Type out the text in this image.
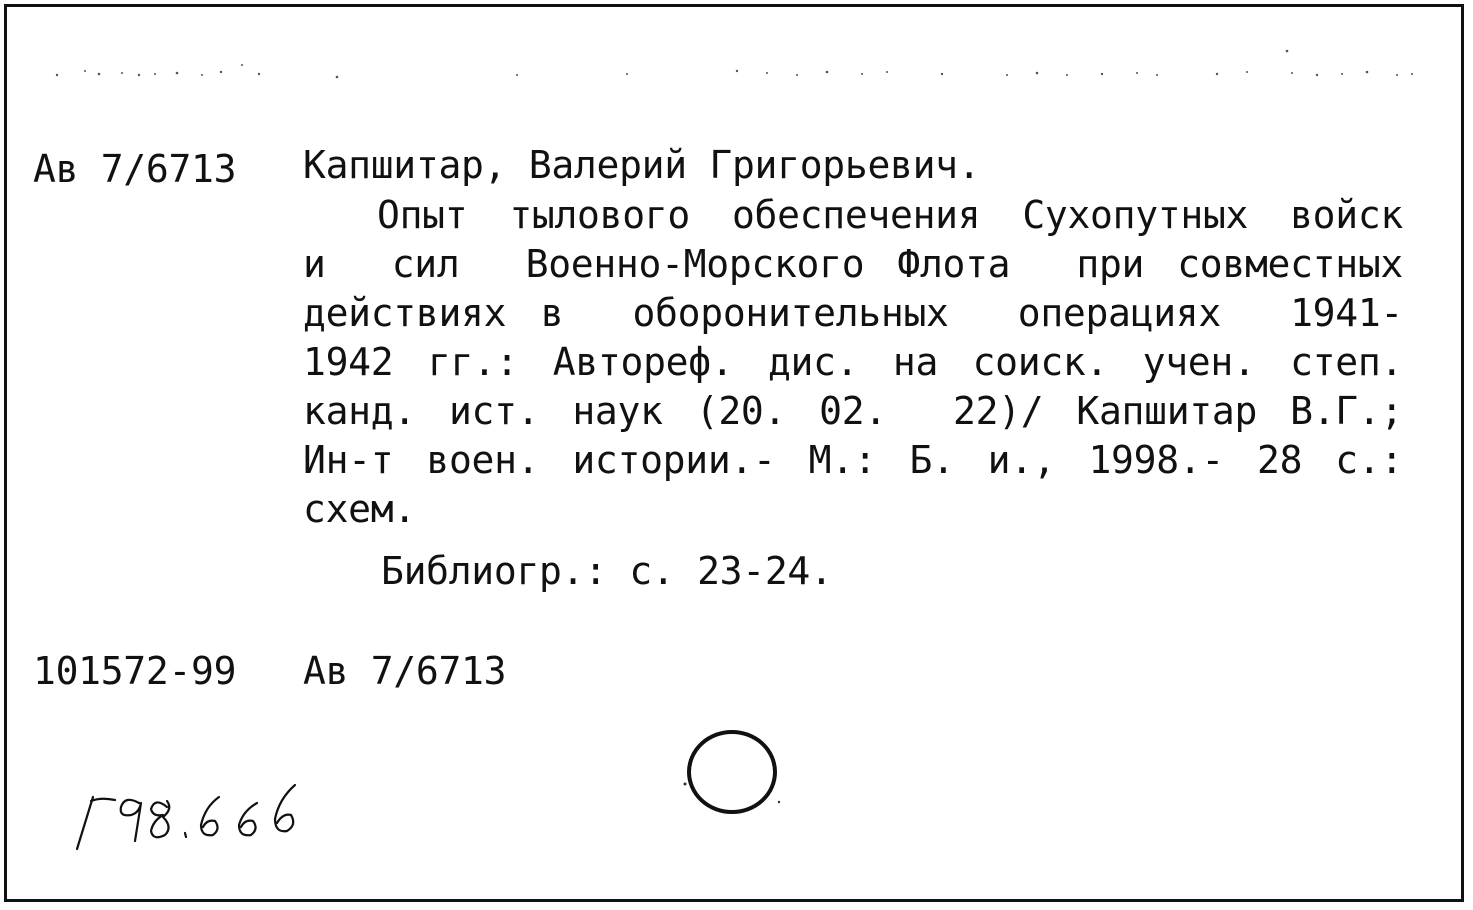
Ав 7/6713 Капшитар, Валерий Григорьевич.
Опыт тылового обеспечения Сухопутных войск
и  сил  Военно-Морского Флота  при совместных
действиях в  оборонительных  операциях  1941-
1942 гг.: Автореф. дис. на соиск. учен. степ.
канд. ист. наук (20. 02.  22)/ Капшитар В.Г.;
Ин-т воен. истории.- М.: Б. и., 1998.- 28 с.:
схем.
Библиогр.: с. 23-24.
101572-99 Ав 7/6713
